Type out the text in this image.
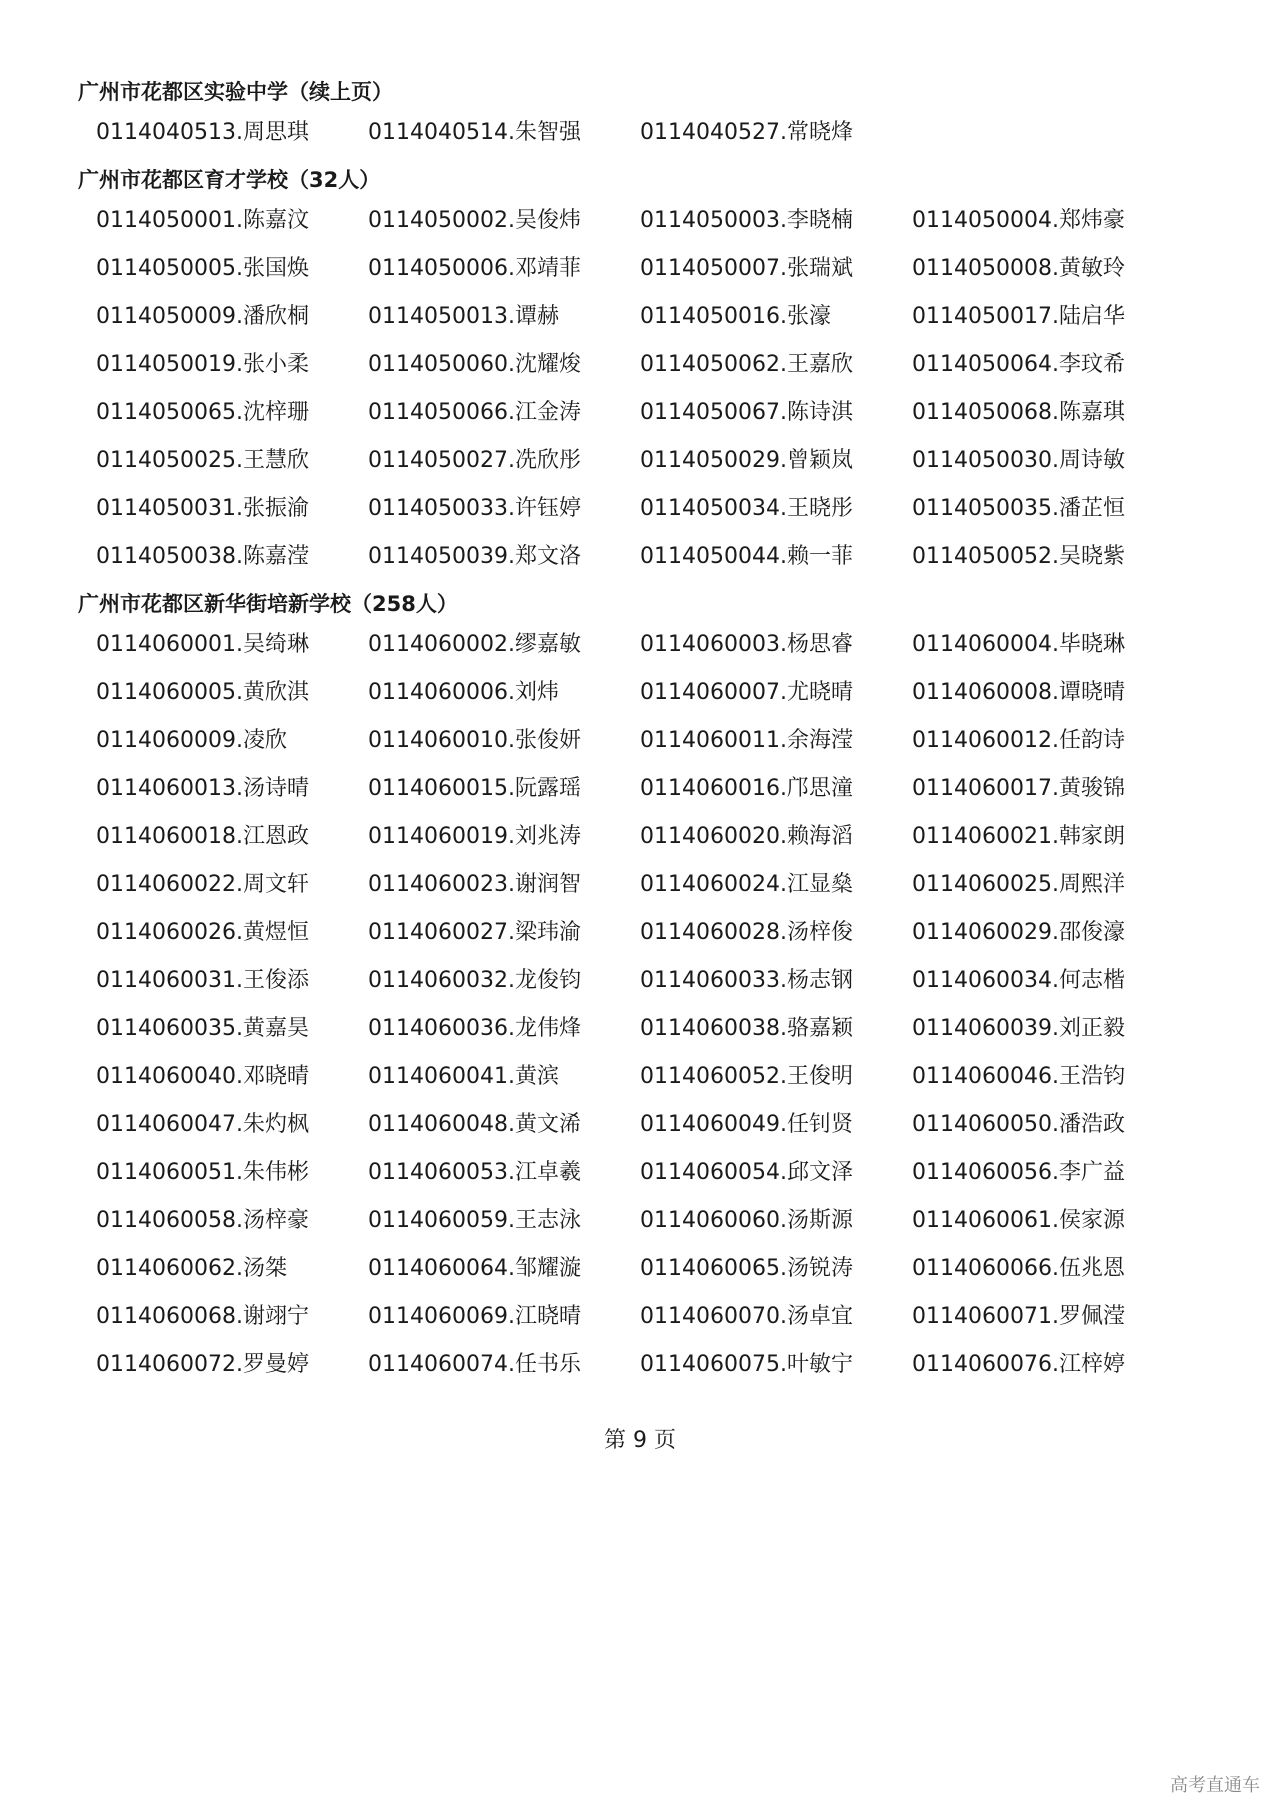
广州市花都区实验中学（续上页）
0114040513.周思琪	0114040514.朱智强	0114040527.常晓烽
广州市花都区育才学校（32人）
0114050001.陈嘉汶	0114050002.吴俊炜	0114050003.李晓楠	0114050004.郑炜豪
0114050005.张国焕	0114050006.邓靖菲	0114050007.张瑞斌	0114050008.黄敏玲
0114050009.潘欣桐	0114050013.谭赫	0114050016.张濠	0114050017.陆启华
0114050019.张小柔	0114050060.沈耀焌	0114050062.王嘉欣	0114050064.李玟希
0114050065.沈梓珊	0114050066.江金涛	0114050067.陈诗淇	0114050068.陈嘉琪
0114050025.王慧欣	0114050027.冼欣彤	0114050029.曾颖岚	0114050030.周诗敏
0114050031.张振渝	0114050033.许钰婷	0114050034.王晓彤	0114050035.潘芷恒
0114050038.陈嘉滢	0114050039.郑文洛	0114050044.赖一菲	0114050052.吴晓紫
广州市花都区新华街培新学校（258人）
0114060001.吴绮琳	0114060002.缪嘉敏	0114060003.杨思睿	0114060004.毕晓琳
0114060005.黄欣淇	0114060006.刘炜	0114060007.尤晓晴	0114060008.谭晓晴
0114060009.凌欣	0114060010.张俊妍	0114060011.余海滢	0114060012.任韵诗
0114060013.汤诗晴	0114060015.阮露瑶	0114060016.邝思潼	0114060017.黄骏锦
0114060018.江恩政	0114060019.刘兆涛	0114060020.赖海滔	0114060021.韩家朗
0114060022.周文轩	0114060023.谢润智	0114060024.江显燊	0114060025.周熙洋
0114060026.黄煜恒	0114060027.梁玮渝	0114060028.汤梓俊	0114060029.邵俊濠
0114060031.王俊添	0114060032.龙俊钧	0114060033.杨志钢	0114060034.何志楷
0114060035.黄嘉昊	0114060036.龙伟烽	0114060038.骆嘉颖	0114060039.刘正毅
0114060040.邓晓晴	0114060041.黄滨	0114060052.王俊明	0114060046.王浩钧
0114060047.朱灼枫	0114060048.黄文浠	0114060049.任钊贤	0114060050.潘浩政
0114060051.朱伟彬	0114060053.江卓羲	0114060054.邱文泽	0114060056.李广益
0114060058.汤梓豪	0114060059.王志泳	0114060060.汤斯源	0114060061.侯家源
0114060062.汤桀	0114060064.邹耀漩	0114060065.汤锐涛	0114060066.伍兆恩
0114060068.谢翊宁	0114060069.江晓晴	0114060070.汤卓宜	0114060071.罗佩滢
0114060072.罗曼婷	0114060074.任书乐	0114060075.叶敏宁	0114060076.江梓婷
第 9 页
高考直通车
